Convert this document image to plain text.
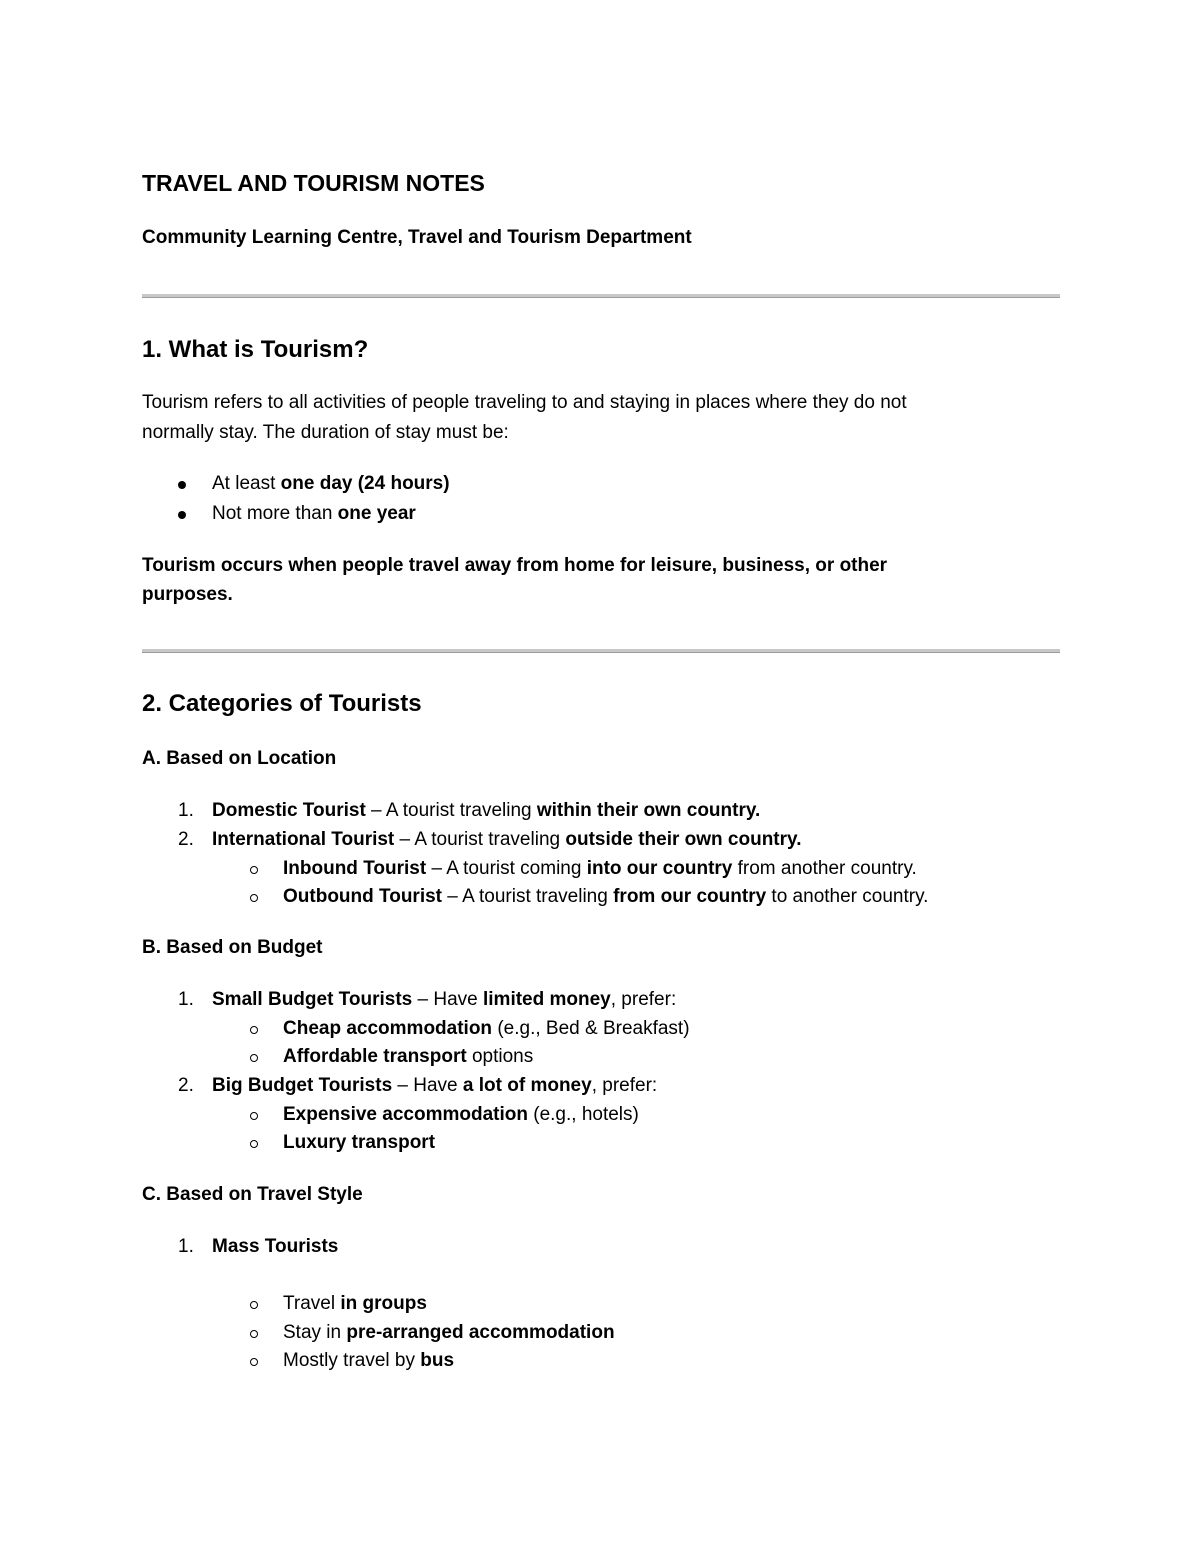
TRAVEL AND TOURISM NOTES

Community Learning Centre, Travel and Tourism Department

1. What is Tourism?
Tourism refers to all activities of people traveling to and staying in places where they do not
normally stay. The duration of stay must be:
At least one day (24 hours)
Not more than one year
Tourism occurs when people travel away from home for leisure, business, or other
purposes.
2. Categories of Tourists
A. Based on Location
1. Domestic Tourist – A tourist traveling within their own country.
2. International Tourist – A tourist traveling outside their own country.
Inbound Tourist – A tourist coming into our country from another country.
Outbound Tourist – A tourist traveling from our country to another country.
B. Based on Budget
1. Small Budget Tourists – Have limited money, prefer:
Cheap accommodation (e.g., Bed & Breakfast)
Affordable transport options
2. Big Budget Tourists – Have a lot of money, prefer:
Expensive accommodation (e.g., hotels)
Luxury transport
C. Based on Travel Style
1. Mass Tourists
Travel in groups
Stay in pre-arranged accommodation
Mostly travel by bus
